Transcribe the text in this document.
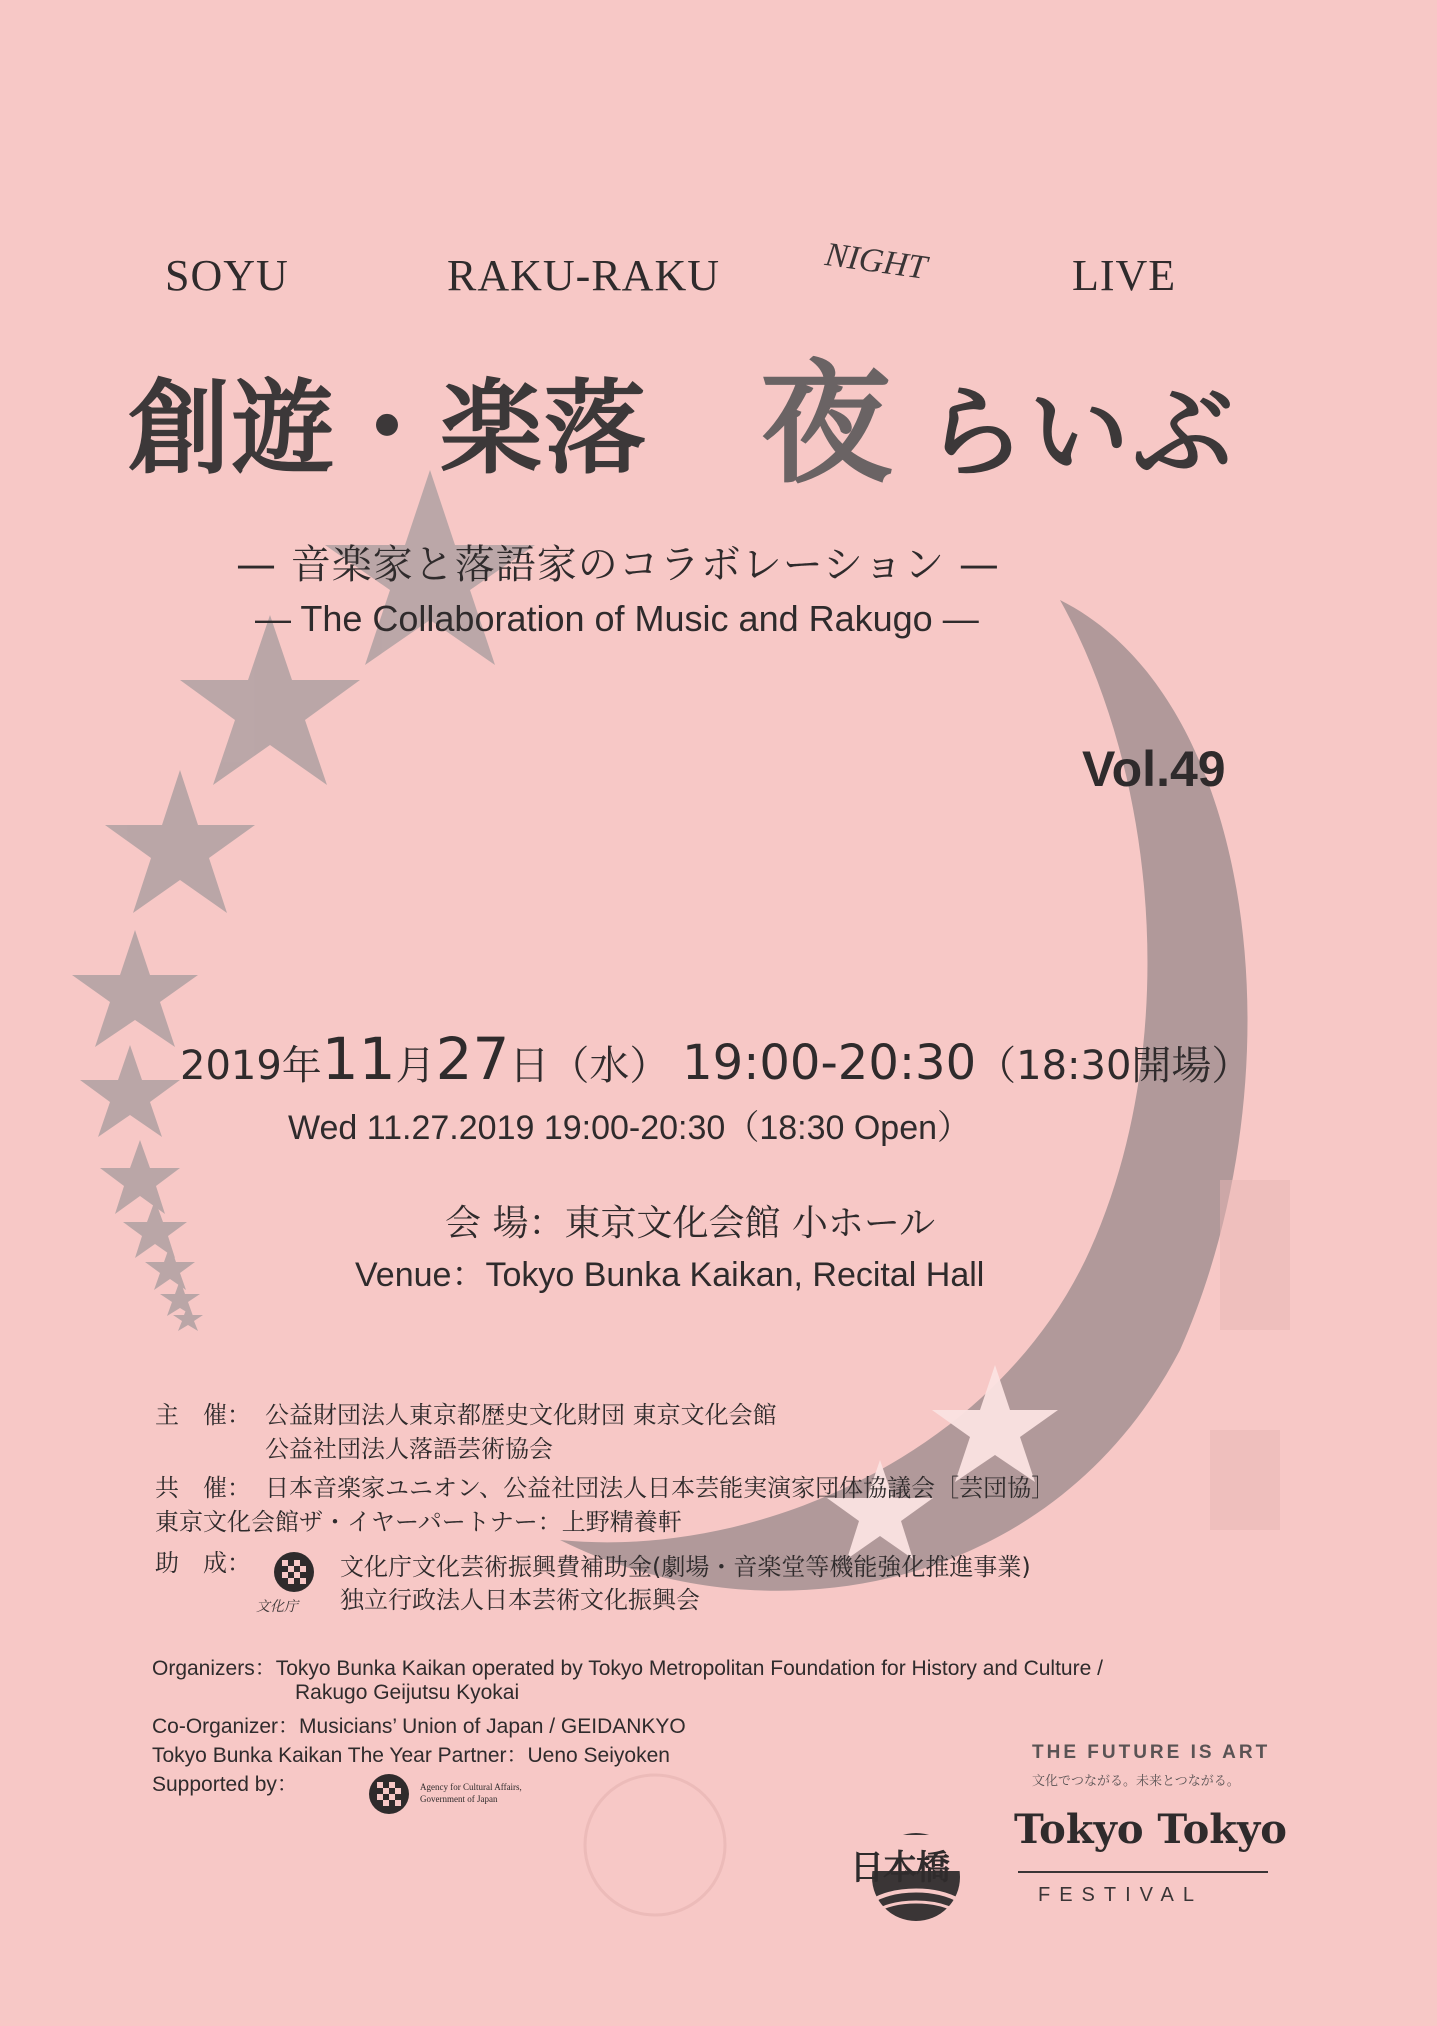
SOYU	RAKU-RAKU	NIGHT	LIVE
創遊・楽落 夜 らいぶ
— 音楽家と落語家のコラボレーション —
— The Collaboration of Music and Rakugo —
Vol.49
2019年11月27日（水） 19:00-20:30（18:30開場）
Wed 11.27.2019 19:00-20:30（18:30 Open）
会 場：東京文化会館 小ホール
Venue：Tokyo Bunka Kaikan, Recital Hall
主　催： 公益財団法人東京都歴史文化財団 東京文化会館
公益社団法人落語芸術協会
共　催： 日本音楽家ユニオン、公益社団法人日本芸能実演家団体協議会［芸団協］
東京文化会館ザ・イヤーパートナー：上野精養軒
助　成：
文化庁
文化庁文化芸術振興費補助金(劇場・音楽堂等機能強化推進事業)
独立行政法人日本芸術文化振興会
Organizers：Tokyo Bunka Kaikan operated by Tokyo Metropolitan Foundation for History and Culture /
Rakugo Geijutsu Kyokai
Co-Organizer：Musicians’ Union of Japan / GEIDANKYO
Tokyo Bunka Kaikan The Year Partner：Ueno Seiyoken
Supported by：	Agency for Cultural Affairs,
Government of Japan
日本橋
THE FUTURE IS ART
文化でつながる。未来とつながる。
Tokyo Tokyo
FESTIVAL
